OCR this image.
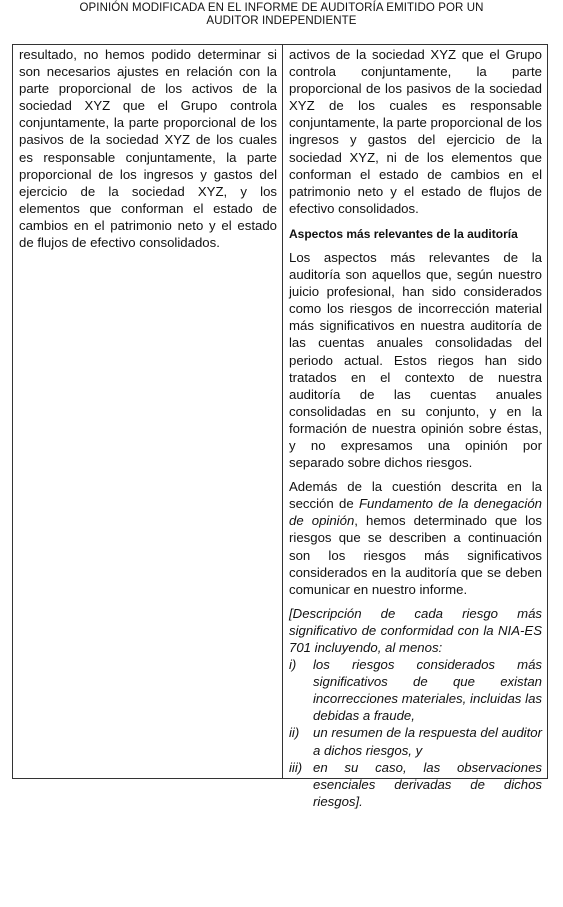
OPINIÓN MODIFICADA EN EL INFORME DE AUDITORÍA EMITIDO POR UN
AUDITOR INDEPENDIENTE

resultado, no hemos podido determinar si son necesarios ajustes en relación con la parte proporcional de los activos de la sociedad XYZ que el Grupo controla conjuntamente, la parte proporcional de los pasivos de la sociedad XYZ de los cuales es responsable conjuntamente, la parte proporcional de los ingresos y gastos del ejercicio de la sociedad XYZ, y los elementos que conforman el estado de cambios en el patrimonio neto y el estado de flujos de efectivo consolidados.

activos de la sociedad XYZ que el Grupo controla conjuntamente, la parte proporcional de los pasivos de la sociedad XYZ de los cuales es responsable conjuntamente, la parte proporcional de los ingresos y gastos del ejercicio de la sociedad XYZ, ni de los elementos que conforman el estado de cambios en el patrimonio neto y el estado de flujos de efectivo consolidados.

Aspectos más relevantes de la auditoría

Los aspectos más relevantes de la auditoría son aquellos que, según nuestro juicio profesional, han sido considerados como los riesgos de incorrección material más significativos en nuestra auditoría de las cuentas anuales consolidadas del periodo actual. Estos riegos han sido tratados en el contexto de nuestra auditoría de las cuentas anuales consolidadas en su conjunto, y en la formación de nuestra opinión sobre éstas, y no expresamos una opinión por separado sobre dichos riesgos.

Además de la cuestión descrita en la sección de Fundamento de la denegación de opinión, hemos determinado que los riesgos que se describen a continuación son los riesgos más significativos considerados en la auditoría que se deben comunicar en nuestro informe.

[Descripción de cada riesgo más significativo de conformidad con la NIA-ES 701 incluyendo, al menos:

i)	los riesgos considerados más significativos de que existan incorrecciones materiales, incluidas las debidas a fraude,
ii)	un resumen de la respuesta del auditor a dichos riesgos, y
iii) en su caso, las observaciones esenciales derivadas de dichos riesgos].
